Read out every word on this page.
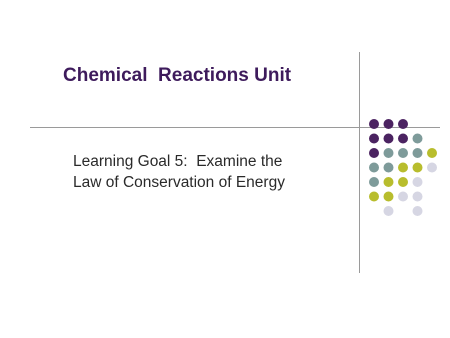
Chemical  Reactions Unit
Learning Goal 5:  Examine the
Law of Conservation of Energy
